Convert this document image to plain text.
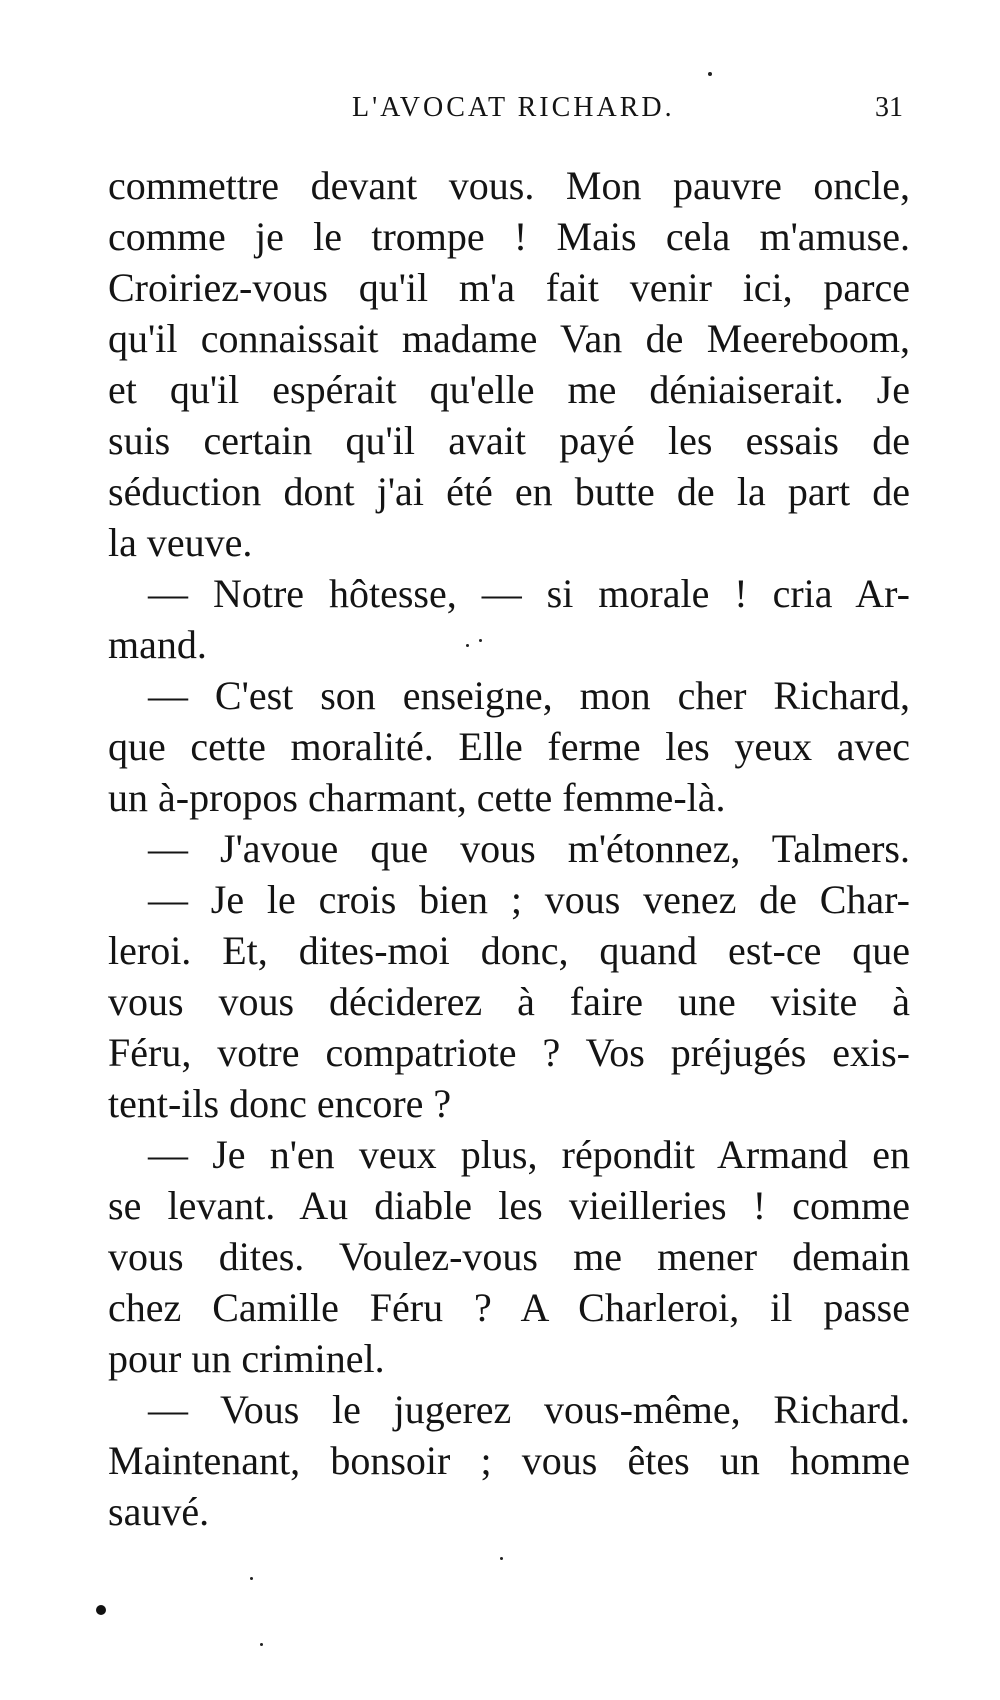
L'AVOCAT RICHARD.	31
commettre devant vous. Mon pauvre oncle,
comme je le trompe ! Mais cela m'amuse.
Croiriez-vous qu'il m'a fait venir ici, parce
qu'il connaissait madame Van de Meereboom,
et qu'il espérait qu'elle me déniaiserait. Je
suis certain qu'il avait payé les essais de
séduction dont j'ai été en butte de la part de
la veuve.
— Notre hôtesse, — si morale ! cria Ar-
mand.
— C'est son enseigne, mon cher Richard,
que cette moralité. Elle ferme les yeux avec
un à-propos charmant, cette femme-là.
— J'avoue que vous m'étonnez, Talmers.
— Je le crois bien ; vous venez de Char-
leroi. Et, dites-moi donc, quand est-ce que
vous vous déciderez à faire une visite à
Féru, votre compatriote ? Vos préjugés exis-
tent-ils donc encore ?
— Je n'en veux plus, répondit Armand en
se levant. Au diable les vieilleries ! comme
vous dites. Voulez-vous me mener demain
chez Camille Féru ? A Charleroi, il passe
pour un criminel.
— Vous le jugerez vous-même, Richard.
Maintenant, bonsoir ; vous êtes un homme
sauvé.
